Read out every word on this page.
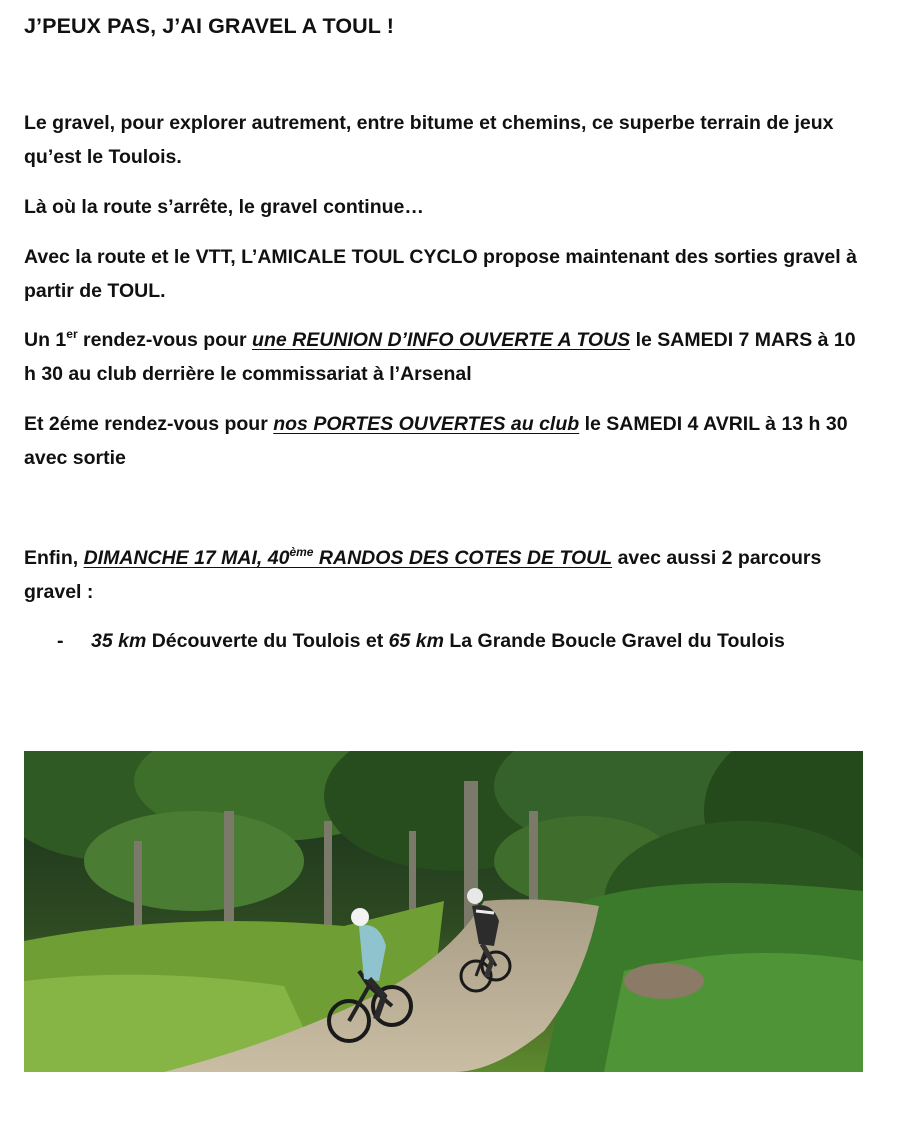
J’PEUX PAS, J’AI GRAVEL A TOUL !

Le gravel, pour explorer autrement, entre bitume et chemins, ce superbe terrain de jeux qu’est le Toulois.

Là où la route s’arrête, le gravel continue…

Avec la route et le VTT, L’AMICALE TOUL CYCLO propose maintenant des sorties gravel à partir de TOUL.

Un 1er rendez-vous pour une REUNION D’INFO OUVERTE A TOUS le SAMEDI 7 MARS à 10 h 30 au club derrière le commissariat à l’Arsenal

Et 2éme rendez-vous pour nos PORTES OUVERTES au club le SAMEDI 4 AVRIL à 13 h 30 avec sortie

Enfin, DIMANCHE 17 MAI, 40ème RANDOS DES COTES DE TOUL avec aussi 2 parcours gravel :

- 35 km Découverte du Toulois et 65 km La Grande Boucle Gravel du Toulois
